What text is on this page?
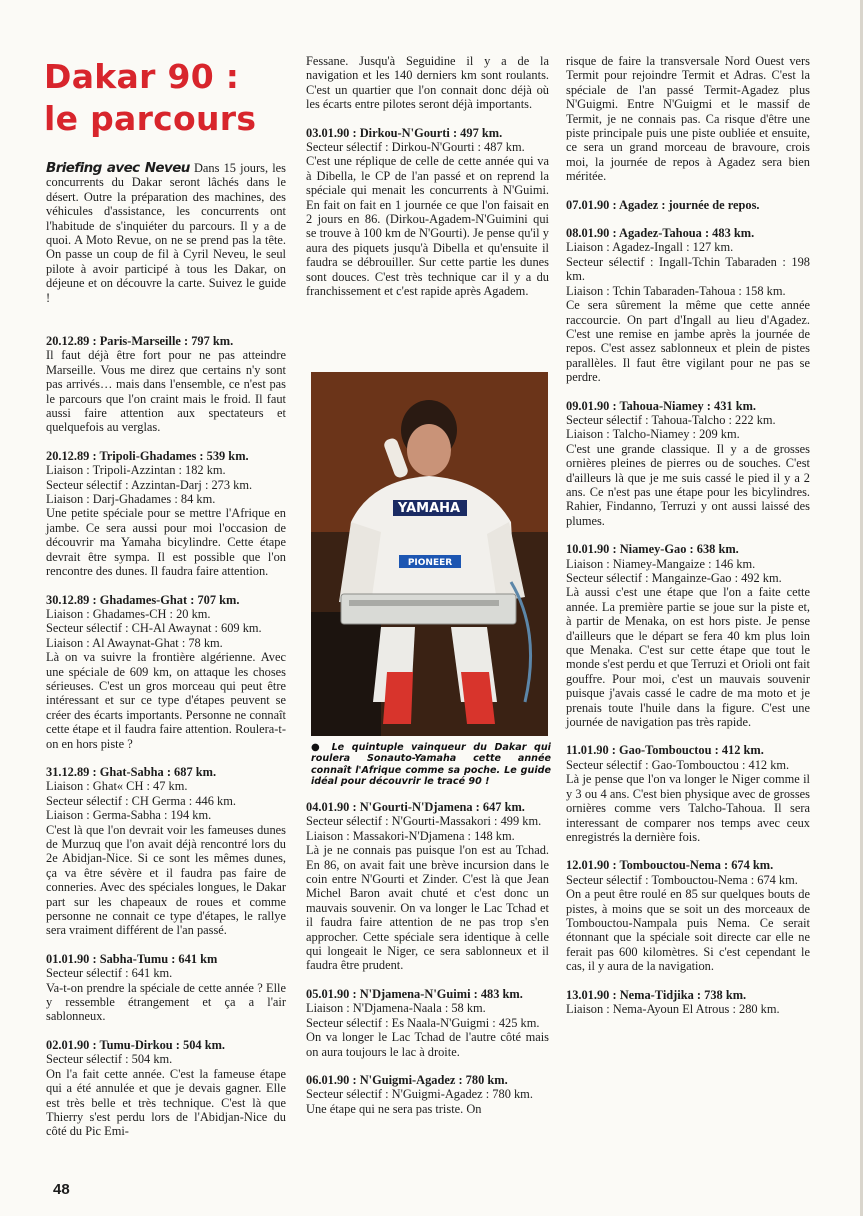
Dakar 90 :
le parcours

Briefing avec Neveu Dans 15 jours, les concurrents du Dakar seront lâchés dans le désert. Outre la préparation des machines, des véhicules d'assistance, les concurrents ont l'habitude de s'inquiéter du parcours. Il y a de quoi. A Moto Revue, on ne se prend pas la tête. On passe un coup de fil à Cyril Neveu, le seul pilote à avoir participé à tous les Dakar, on déjeune et on découvre la carte. Suivez le guide !

20.12.89 : Paris-Marseille : 797 km.

Il faut déjà être fort pour ne pas atteindre Marseille. Vous me direz que certains n'y sont pas arrivés… mais dans l'ensemble, ce n'est pas le parcours que l'on craint mais le froid. Il faut aussi faire attention aux spectateurs et quelquefois au verglas.

20.12.89 : Tripoli-Ghadames : 539 km.

Liaison : Tripoli-Azzintan : 182 km.

Secteur sélectif : Azzintan-Darj : 273 km.

Liaison : Darj-Ghadames : 84 km.

Une petite spéciale pour se mettre l'Afrique en jambe. Ce sera aussi pour moi l'occasion de découvrir ma Yamaha bicylindre. Cette étape devrait être sympa. Il est possible que l'on rencontre des dunes. Il faudra faire attention.

30.12.89 : Ghadames-Ghat : 707 km.

Liaison : Ghadames-CH : 20 km.

Secteur sélectif : CH-Al Awaynat : 609 km.

Liaison : Al Awaynat-Ghat : 78 km.

Là on va suivre la frontière algérienne. Avec une spéciale de 609 km, on attaque les choses sérieuses. C'est un gros morceau qui peut être intéressant et sur ce type d'étapes peuvent se créer des écarts importants. Personne ne connaît cette étape et il faudra faire attention. Roulera-t-on en hors piste ?

31.12.89 : Ghat-Sabha : 687 km.

Liaison : Ghat« CH : 47 km.

Secteur sélectif : CH Germa : 446 km.

Liaison : Germa-Sabha : 194 km.

C'est là que l'on devrait voir les fameuses dunes de Murzuq que l'on avait déjà rencontré lors du 2e Abidjan-Nice. Si ce sont les mêmes dunes, ça va être sévère et il faudra pas faire de conneries. Avec des spéciales longues, le Dakar part sur les chapeaux de roues et comme personne ne connait ce type d'étapes, le rallye sera vraiment différent de l'an passé.

01.01.90 : Sabha-Tumu : 641 km

Secteur sélectif : 641 km.

Va-t-on prendre la spéciale de cette année ? Elle y ressemble étrangement et ça a l'air sablonneux.

02.01.90 : Tumu-Dirkou : 504 km.

Secteur sélectif : 504 km.

On l'a fait cette année. C'est la fameuse étape qui a été annulée et que je devais gagner. Elle est très belle et très technique. C'est là que Thierry s'est perdu lors de l'Abidjan-Nice du côté du Pic Emi-

Fessane. Jusqu'à Seguidine il y a de la navigation et les 140 derniers km sont roulants. C'est un quartier que l'on connait donc déjà où les écarts entre pilotes seront déjà importants.

03.01.90 : Dirkou-N'Gourti : 497 km.

Secteur sélectif : Dirkou-N'Gourti : 487 km.

C'est une réplique de celle de cette année qui va à Dibella, le CP de l'an passé et on reprend la spéciale qui menait les concurrents à N'Guimi. En fait on fait en 1 journée ce que l'on faisait en 2 jours en 86. (Dirkou-Agadem-N'Guimini qui se trouve à 100 km de N'Gourti). Je pense qu'il y aura des piquets jusqu'à Dibella et qu'ensuite il faudra se débrouiller. Sur cette partie les dunes sont douces. C'est très technique car il y a du franchissement et c'est rapide après Agadem.

04.01.90 : N'Gourti-N'Djamena : 647 km.

Secteur sélectif : N'Gourti-Massakori : 499 km.

Liaison : Massakori-N'Djamena : 148 km.

Là je ne connais pas puisque l'on est au Tchad. En 86, on avait fait une brève incursion dans le coin entre N'Gourti et Zinder. C'est là que Jean Michel Baron avait chuté et c'est donc un mauvais souvenir. On va longer le Lac Tchad et il faudra faire attention de ne pas trop s'en approcher. Cette spéciale sera identique à celle qui longeait le Niger, ce sera sablonneux et il faudra être prudent.

05.01.90 : N'Djamena-N'Guimi : 483 km.

Liaison : N'Djamena-Naala : 58 km.

Secteur sélectif : Es Naala-N'Guigmi : 425 km.

On va longer le Lac Tchad de l'autre côté mais on aura toujours le lac à droite.

06.01.90 : N'Guigmi-Agadez : 780 km.

Secteur sélectif : N'Guigmi-Agadez : 780 km.

Une étape qui ne sera pas triste. On

YAMAHA
PIONEER

● Le quintuple vainqueur du Dakar qui roulera Sonauto-Yamaha cette année connaît l'Afrique comme sa poche. Le guide idéal pour découvrir le tracé 90 !

risque de faire la transversale Nord Ouest vers Termit pour rejoindre Termit et Adras. C'est la spéciale de l'an passé Termit-Agadez plus N'Guigmi. Entre N'Guigmi et le massif de Termit, je ne connais pas. Ca risque d'être une piste principale puis une piste oubliée et ensuite, ce sera un grand morceau de bravoure, crois moi, la journée de repos à Agadez sera bien méritée.

07.01.90 : Agadez : journée de repos.
08.01.90 : Agadez-Tahoua : 483 km.

Liaison : Agadez-Ingall : 127 km.

Secteur sélectif : Ingall-Tchin Tabaraden : 198 km.

Liaison : Tchin Tabaraden-Tahoua : 158 km.

Ce sera sûrement la même que cette année raccourcie. On part d'Ingall au lieu d'Agadez. C'est une remise en jambe après la journée de repos. C'est assez sablonneux et plein de pistes parallèles. Il faut être vigilant pour ne pas se perdre.

09.01.90 : Tahoua-Niamey : 431 km.

Secteur sélectif : Tahoua-Talcho : 222 km.

Liaison : Talcho-Niamey : 209 km.

C'est une grande classique. Il y a de grosses ornières pleines de pierres ou de souches. C'est d'ailleurs là que je me suis cassé le pied il y a 2 ans. Ce n'est pas une étape pour les bicylindres. Rahier, Findanno, Terruzi y ont aussi laissé des plumes.

10.01.90 : Niamey-Gao : 638 km.

Liaison : Niamey-Mangaize : 146 km.

Secteur sélectif : Mangainze-Gao : 492 km.

Là aussi c'est une étape que l'on a faite cette année. La première partie se joue sur la piste et, à partir de Menaka, on est hors piste. Je pense d'ailleurs que le départ se fera 40 km plus loin que Menaka. C'est sur cette étape que tout le monde s'est perdu et que Terruzi et Orioli ont fait gouffre. Pour moi, c'est un mauvais souvenir puisque j'avais cassé le cadre de ma moto et je prenais toute l'huile dans la figure. C'est une journée de navigation pas très rapide.

11.01.90 : Gao-Tombouctou : 412 km.

Secteur sélectif : Gao-Tombouctou : 412 km.

Là je pense que l'on va longer le Niger comme il y 3 ou 4 ans. C'est bien physique avec de grosses ornières comme vers Talcho-Tahoua. Il sera interessant de comparer nos temps avec ceux enregistrés la dernière fois.

12.01.90 : Tombouctou-Nema : 674 km.

Secteur sélectif : Tombouctou-Nema : 674 km.

On a peut être roulé en 85 sur quelques bouts de pistes, à moins que se soit un des morceaux de Tombouctou-Nampala puis Nema. Ce serait étonnant que la spéciale soit directe car elle ne ferait pas 600 kilomètres. Si c'est cependant le cas, il y aura de la navigation.

13.01.90 : Nema-Tidjika : 738 km.

Liaison : Nema-Ayoun El Atrous : 280 km.

48
